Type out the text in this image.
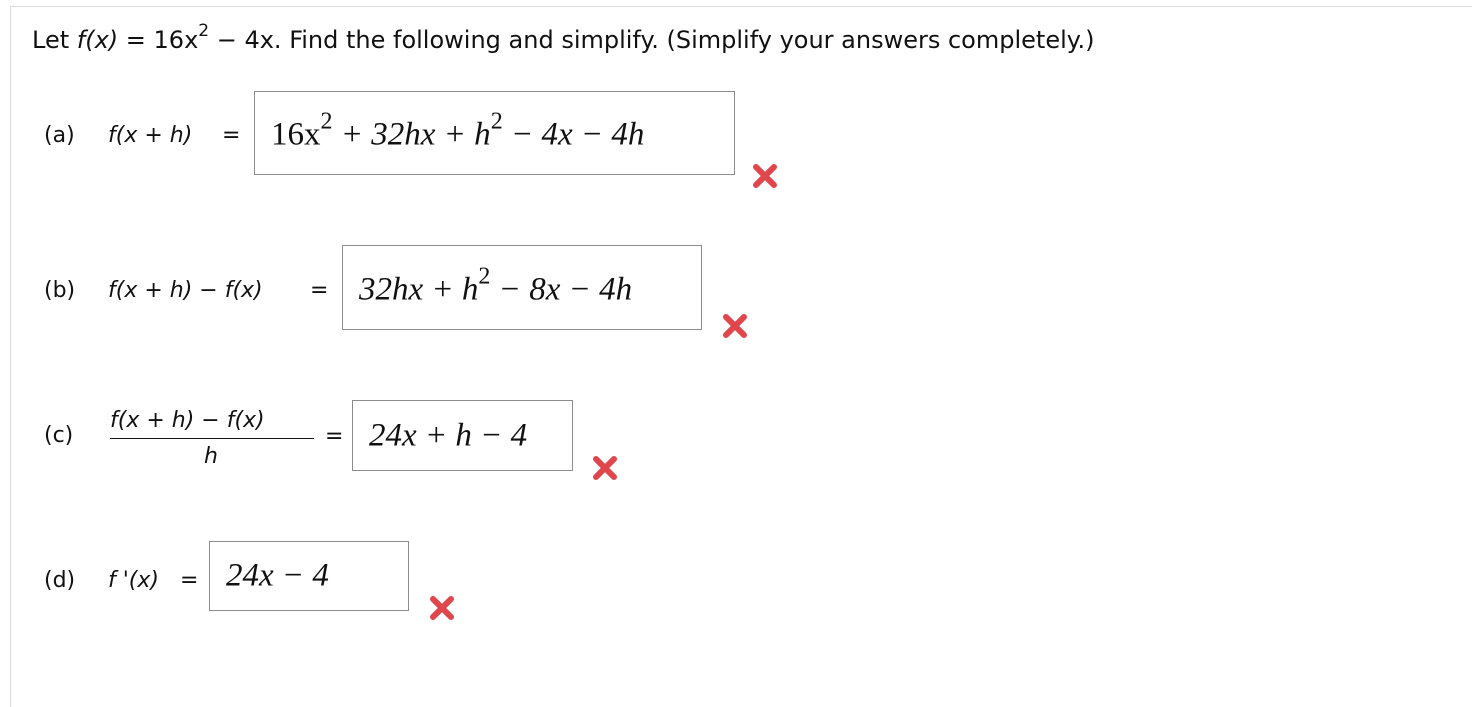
Let $f(x) = 16x^2 - 4x$. Find the following and simplify. (Simplify your answers completely.)
(a) $f(x + h) = 16x^2 + 32hx + h^2 - 4x - 4h$
(b) $f(x + h) - f(x) = 32hx + h^2 - 8x - 4h$
(c)
f(x + h) − f(x)
h
= 24x + h − 4
(d) f '(x) = 24x − 4
